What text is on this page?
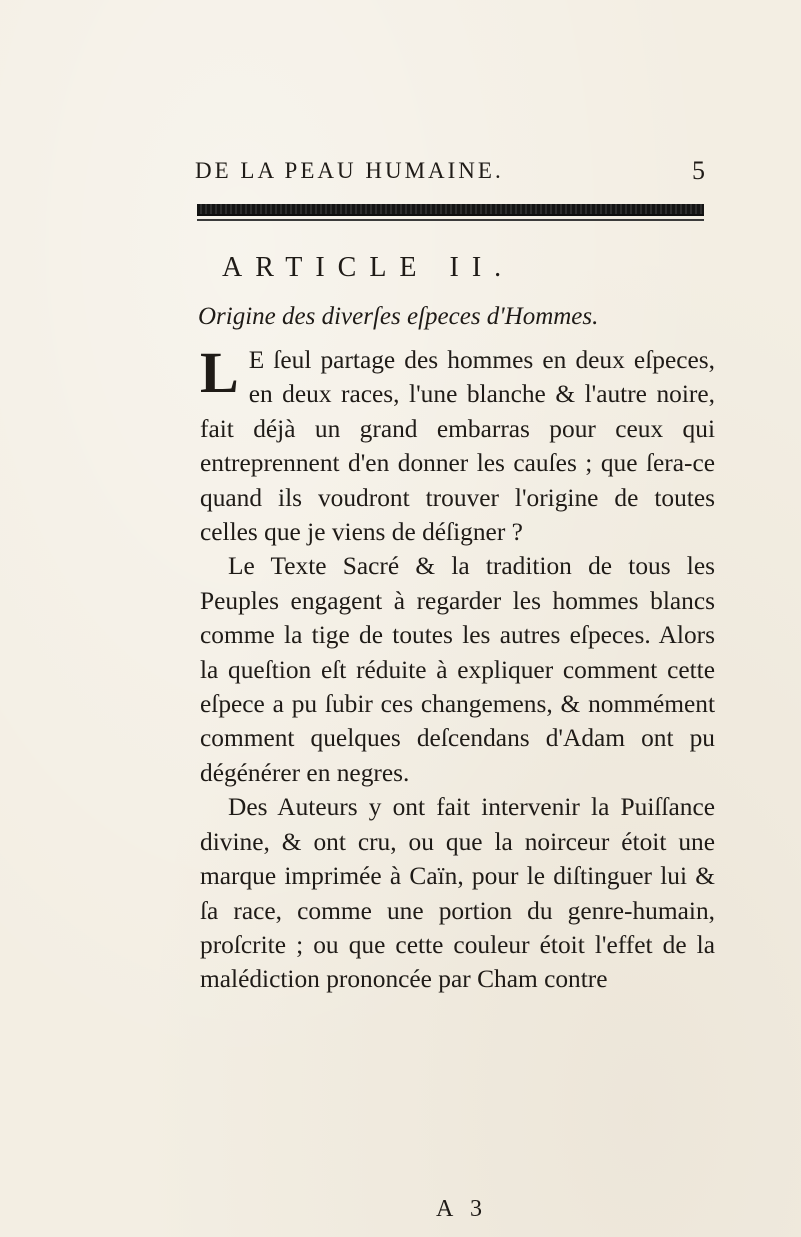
DE LA PEAU HUMAINE.	5
ARTICLE II.
Origine des diverſes eſpeces d'Hommes.

L E ſeul partage des hommes en deux eſpeces, en deux races, l'une blanche & l'autre noire, fait déjà un grand embarras pour ceux qui entreprennent d'en donner les cauſes ; que ſera-ce quand ils voudront trouver l'origine de toutes celles que je viens de déſigner ?

Le Texte Sacré & la tradition de tous les Peuples engagent à regarder les hommes blancs comme la tige de toutes les autres eſpeces. Alors la queſtion eſt réduite à expliquer comment cette eſpece a pu ſubir ces changemens, & nommément comment quelques deſcendans d'Adam ont pu dégénérer en negres.

Des Auteurs y ont fait intervenir la Puiſſance divine, & ont cru, ou que la noirceur étoit une marque imprimée à Caïn, pour le diſtinguer lui & ſa race, comme une portion du genre-humain, proſcrite ; ou que cette couleur étoit l'effet de la malédiction prononcée par Cham contre

A 3
